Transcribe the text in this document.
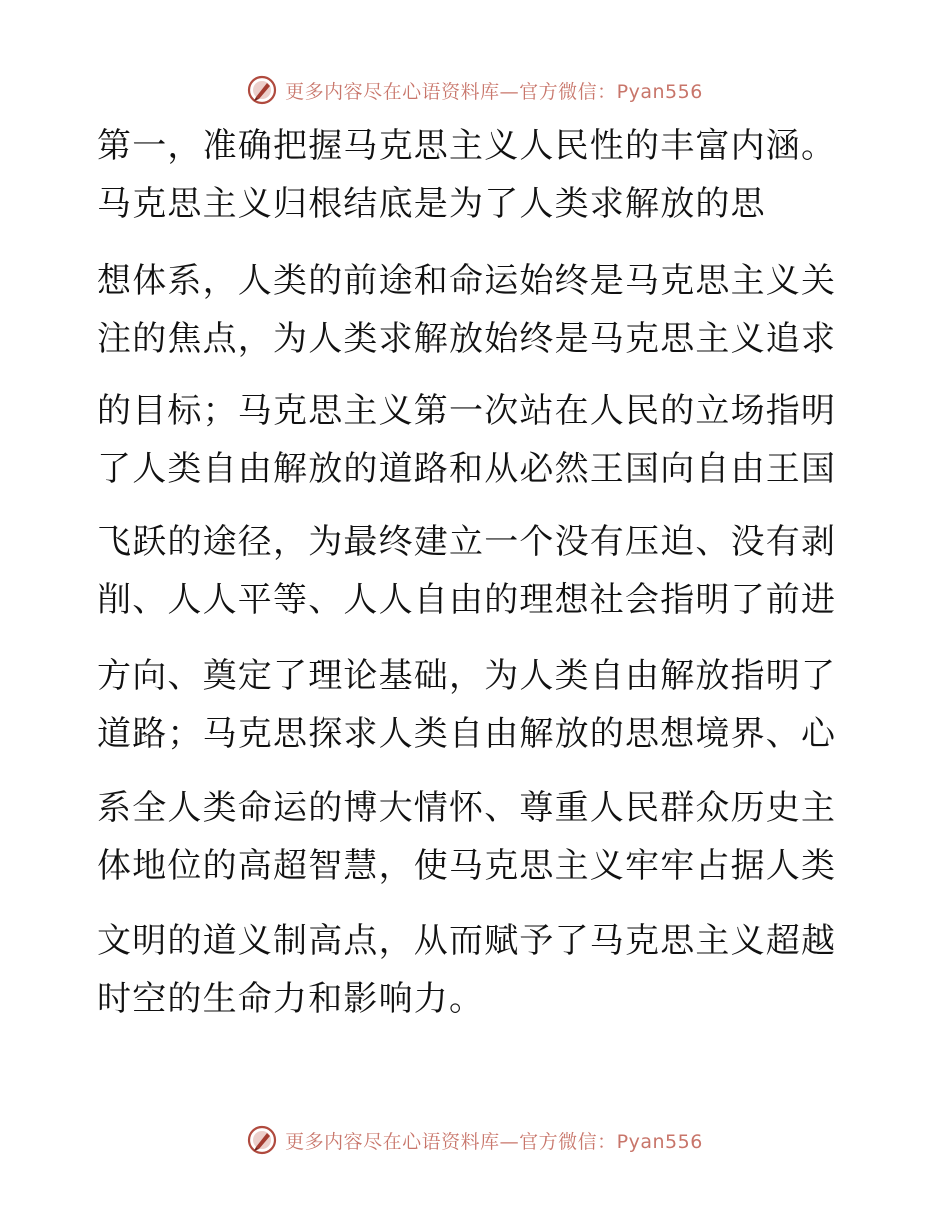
更多内容尽在心语资料库—官方微信：Pyan556
第一，准确把握马克思主义人民性的丰富内涵。
马克思主义归根结底是为了人类求解放的思
想体系，人类的前途和命运始终是马克思主义关
注的焦点，为人类求解放始终是马克思主义追求
的目标；马克思主义第一次站在人民的立场指明
了人类自由解放的道路和从必然王国向自由王国
飞跃的途径，为最终建立一个没有压迫、没有剥
削、人人平等、人人自由的理想社会指明了前进
方向、奠定了理论基础，为人类自由解放指明了
道路；马克思探求人类自由解放的思想境界、心
系全人类命运的博大情怀、尊重人民群众历史主
体地位的高超智慧，使马克思主义牢牢占据人类
文明的道义制高点，从而赋予了马克思主义超越
时空的生命力和影响力。
更多内容尽在心语资料库—官方微信：Pyan556
